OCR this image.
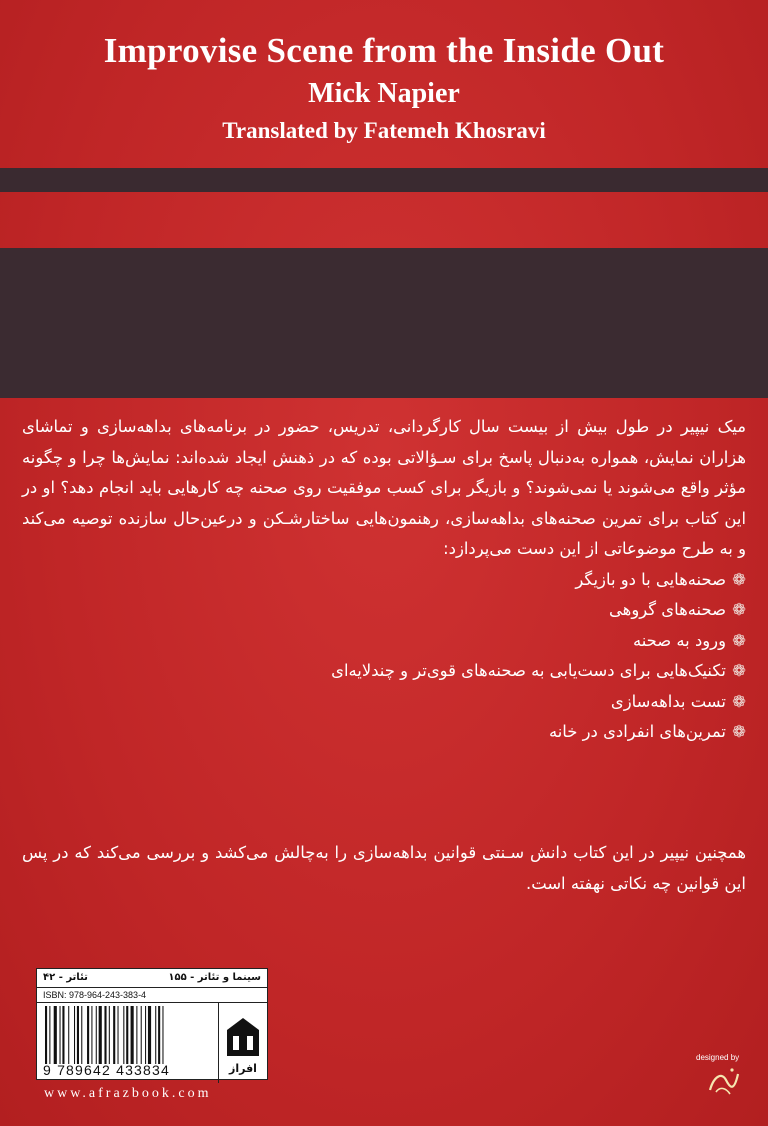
Improvise Scene from the Inside Out

Mick Napier

Translated by Fatemeh Khosravi

میک نیپیر در طول بیش از بیست سال کارگردانی، تدریس، حضور در برنامه‌های بداهه‌سازی و تماشای هزاران نمایش، همواره به‌دنبال پاسخ برای سـؤالاتی بوده که در ذهنش ایجاد شده‌اند: نمایش‌ها چرا و چگونه مؤثر واقع می‌شوند یا نمی‌شوند؟ و بازیگر برای کسب موفقیت روی صحنه چه کارهایی باید انجام دهد؟ او در این کتاب برای تمرین صحنه‌های بداهه‌سازی، رهنمون‌هایی ساختارشـکن و درعین‌حال سازنده توصیه می‌کند و به طرح موضوعاتی از این دست می‌پردازد:

❁صحنه‌هایی با دو بازیگر
❁صحنه‌های گروهی
❁ورود به صحنه
❁تکنیک‌هایی برای دست‌یابی به صحنه‌های قوی‌تر و چندلایه‌ای
❁تست بداهه‌سازی
❁تمرین‌های انفرادی در خانه

همچنین نیپیر در این کتاب دانش سـنتی قوانین بداهه‌سازی را به‌چالش می‌کشد و بررسی می‌کند که در پس این قوانین چه نکاتی نهفته است.

سینما و تئاتر - ۱۵۵
تئاتر - ۴۲
ISBN: 978-964-243-383-4
9 789642 433834	افراز
www.afrazbook.com
designed by
